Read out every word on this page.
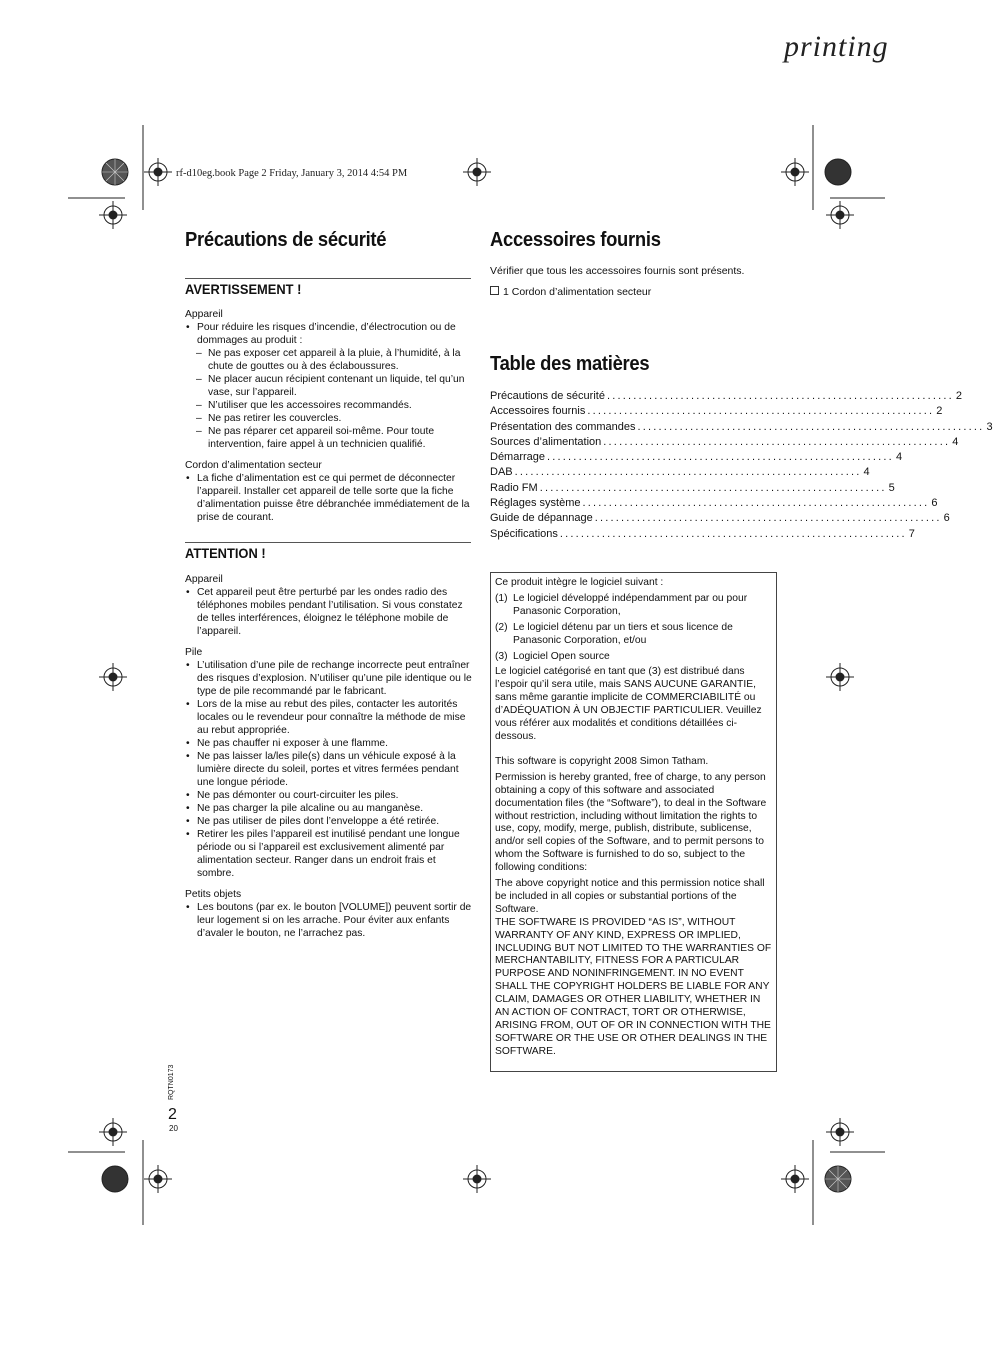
printing
rf-d10eg.book Page 2 Friday, January 3, 2014 4:54 PM
Précautions de sécurité
AVERTISSEMENT !
Appareil
• Pour réduire les risques d’incendie, d’électrocution ou de dommages au produit :
– Ne pas exposer cet appareil à la pluie, à l’humidité, à la chute de gouttes ou à des éclaboussures.
– Ne placer aucun récipient contenant un liquide, tel qu’un vase, sur l’appareil.
– N’utiliser que les accessoires recommandés.
– Ne pas retirer les couvercles.
– Ne pas réparer cet appareil soi-même. Pour toute intervention, faire appel à un technicien qualifié.
Cordon d’alimentation secteur
• La fiche d’alimentation est ce qui permet de déconnecter l’appareil. Installer cet appareil de telle sorte que la fiche d’alimentation puisse être débranchée immédiatement de la prise de courant.
ATTENTION !
Appareil
• Cet appareil peut être perturbé par les ondes radio des téléphones mobiles pendant l’utilisation. Si vous constatez de telles interférences, éloignez le téléphone mobile de l’appareil.
Pile
• L’utilisation d’une pile de rechange incorrecte peut entraîner des risques d’explosion. N’utiliser qu’une pile identique ou le type de pile recommandé par le fabricant.
• Lors de la mise au rebut des piles, contacter les autorités locales ou le revendeur pour connaître la méthode de mise au rebut appropriée.
• Ne pas chauffer ni exposer à une flamme.
• Ne pas laisser la/les pile(s) dans un véhicule exposé à la lumière directe du soleil, portes et vitres fermées pendant une longue période.
• Ne pas démonter ou court-circuiter les piles.
• Ne pas charger la pile alcaline ou au manganèse.
• Ne pas utiliser de piles dont l’enveloppe a été retirée.
• Retirer les piles l’appareil est inutilisé pendant une longue période ou si l’appareil est exclusivement alimenté par alimentation secteur. Ranger dans un endroit frais et sombre.
Petits objets
• Les boutons (par ex. le bouton [VOLUME]) peuvent sortir de leur logement si on les arrache. Pour éviter aux enfants d’avaler le bouton, ne l’arrachez pas.
Accessoires fournis
Vérifier que tous les accessoires fournis sont présents.
1 Cordon d’alimentation secteur
Table des matières
Précautions de sécurité .................................................................. 2
Accessoires fournis .................................................................. 2
Présentation des commandes .................................................................. 3
Sources d’alimentation .................................................................. 4
Démarrage .................................................................. 4
DAB .................................................................. 4
Radio FM .................................................................. 5
Réglages système .................................................................. 6
Guide de dépannage .................................................................. 6
Spécifications .................................................................. 7

Ce produit intègre le logiciel suivant :

(1) Le logiciel développé indépendamment par ou pour Panasonic Corporation,
(2) Le logiciel détenu par un tiers et sous licence de Panasonic Corporation, et/ou
(3) Logiciel Open source

Le logiciel catégorisé en tant que (3) est distribué dans l’espoir qu’il sera utile, mais SANS AUCUNE GARANTIE, sans même garantie implicite de COMMERCIABILITÉ ou d’ADÉQUATION À UN OBJECTIF PARTICULIER. Veuillez vous référer aux modalités et conditions détaillées ci-dessous.

This software is copyright 2008 Simon Tatham.

Permission is hereby granted, free of charge, to any person obtaining a copy of this software and associated documentation files (the “Software”), to deal in the Software without restriction, including without limitation the rights to use, copy, modify, merge, publish, distribute, sublicense, and/or sell copies of the Software, and to permit persons to whom the Software is furnished to do so, subject to the following conditions:

The above copyright notice and this permission notice shall be included in all copies or substantial portions of the Software.

THE SOFTWARE IS PROVIDED “AS IS”, WITHOUT WARRANTY OF ANY KIND, EXPRESS OR IMPLIED, INCLUDING BUT NOT LIMITED TO THE WARRANTIES OF MERCHANTABILITY, FITNESS FOR A PARTICULAR PURPOSE AND NONINFRINGEMENT. IN NO EVENT SHALL THE COPYRIGHT HOLDERS BE LIABLE FOR ANY CLAIM, DAMAGES OR OTHER LIABILITY, WHETHER IN AN ACTION OF CONTRACT, TORT OR OTHERWISE, ARISING FROM, OUT OF OR IN CONNECTION WITH THE SOFTWARE OR THE USE OR OTHER DEALINGS IN THE SOFTWARE.

RQTN0173
2
20
